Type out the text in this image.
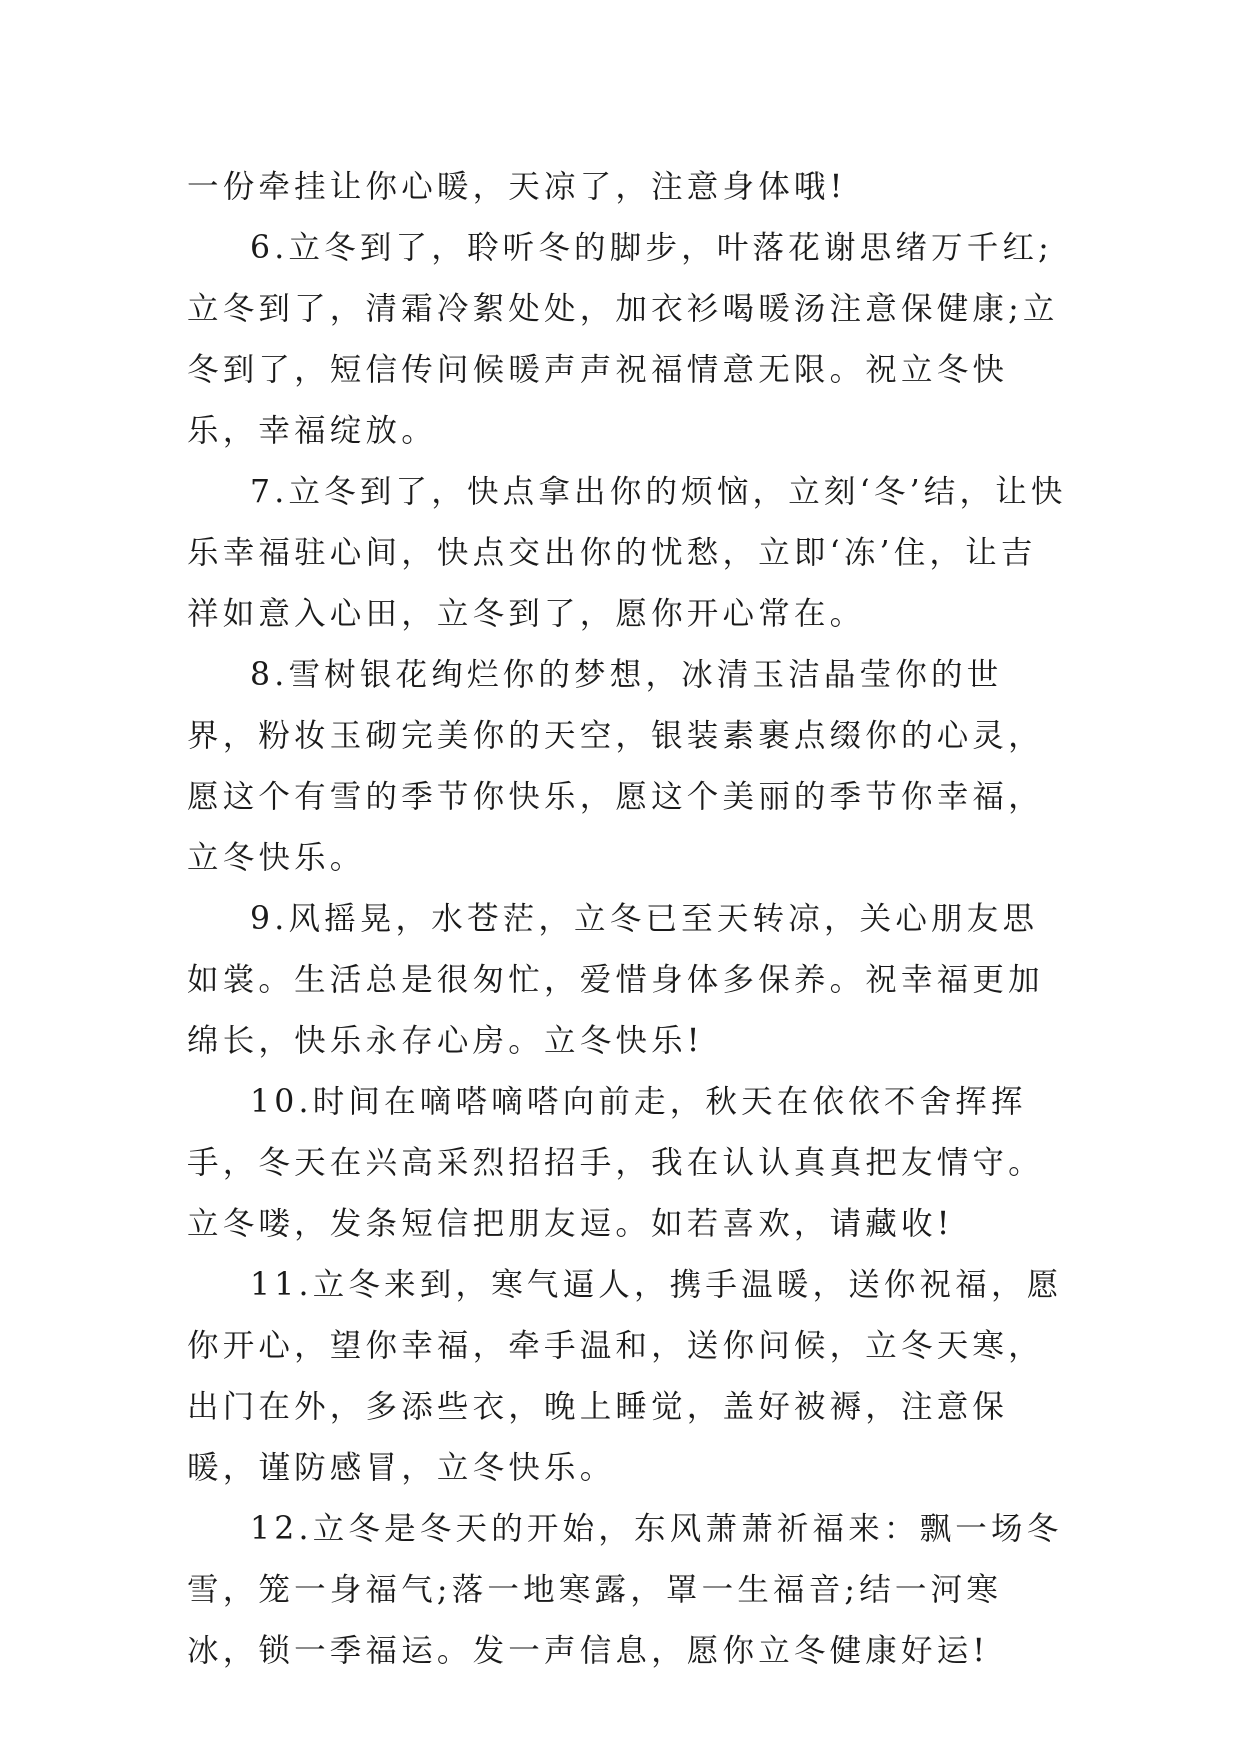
一份牵挂让你心暖，天凉了，注意身体哦!

6.立冬到了，聆听冬的脚步，叶落花谢思绪万千红;立冬到了，清霜冷絮处处，加衣衫喝暖汤注意保健康;立冬到了，短信传问候暖声声祝福情意无限。祝立冬快乐，幸福绽放。

7.立冬到了，快点拿出你的烦恼，立刻‘冬’结，让快乐幸福驻心间，快点交出你的忧愁，立即‘冻’住，让吉祥如意入心田，立冬到了，愿你开心常在。

8.雪树银花绚烂你的梦想，冰清玉洁晶莹你的世界，粉妆玉砌完美你的天空，银装素裹点缀你的心灵，愿这个有雪的季节你快乐，愿这个美丽的季节你幸福，立冬快乐。

9.风摇晃，水苍茫，立冬已至天转凉，关心朋友思如裳。生活总是很匆忙，爱惜身体多保养。祝幸福更加绵长，快乐永存心房。立冬快乐!

10.时间在嘀嗒嘀嗒向前走，秋天在依依不舍挥挥手，冬天在兴高采烈招招手，我在认认真真把友情守。立冬喽，发条短信把朋友逗。如若喜欢，请藏收!

11.立冬来到，寒气逼人，携手温暖，送你祝福，愿你开心，望你幸福，牵手温和，送你问候，立冬天寒，出门在外，多添些衣，晚上睡觉，盖好被褥，注意保暖，谨防感冒，立冬快乐。

12.立冬是冬天的开始，东风萧萧祈福来：飘一场冬雪，笼一身福气;落一地寒露，罩一生福音;结一河寒冰，锁一季福运。发一声信息，愿你立冬健康好运!
